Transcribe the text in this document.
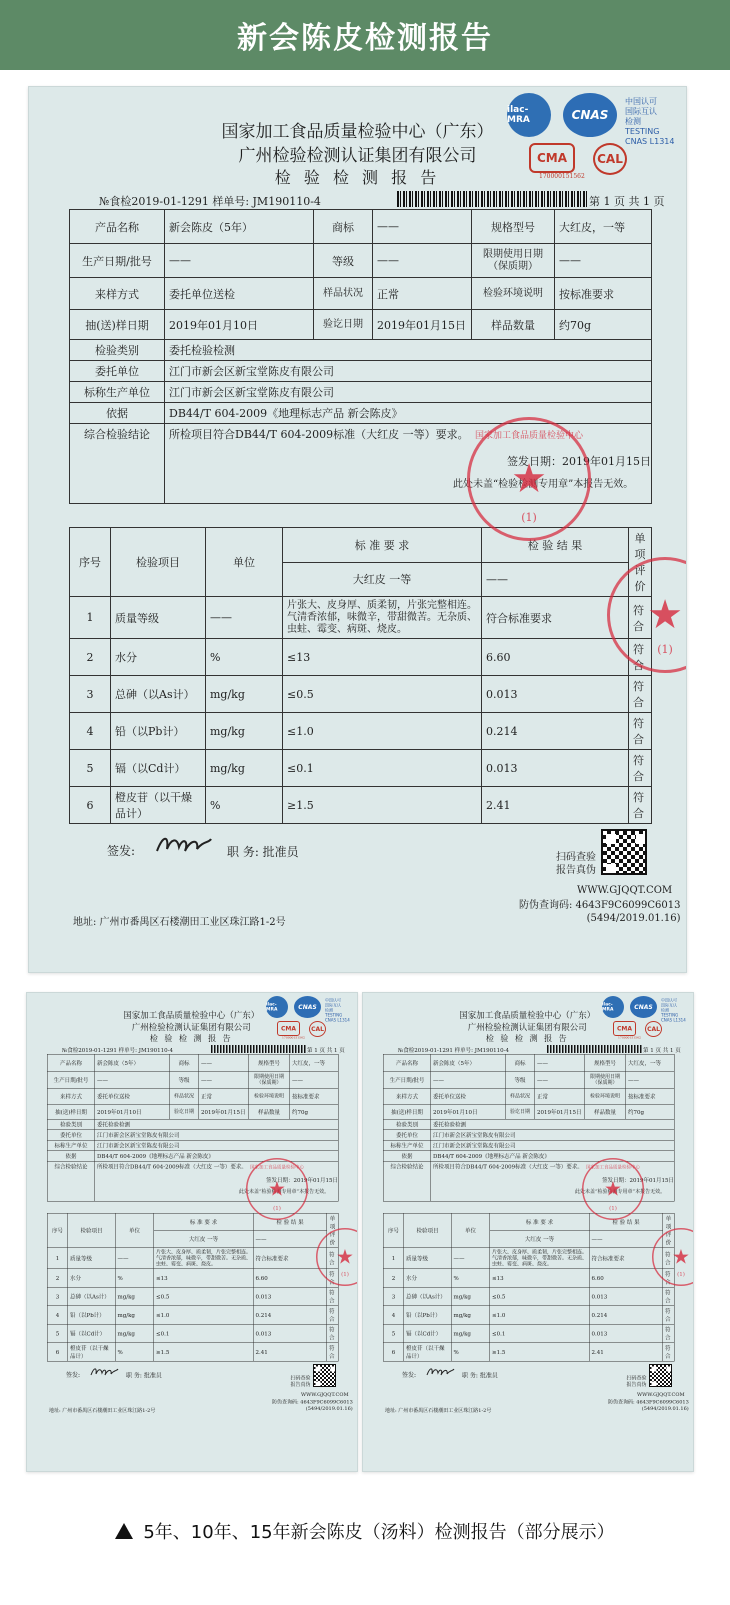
新会陈皮检测报告
国家加工食品质量检验中心（广东）
广州检验检测认证集团有限公司
检 验 检 测 报 告
ilac-MRA	CNAS
中国认可
国际互认
检测
TESTING
CNAS L1314
CMA	CAL
170000151562
№食检2019-01-1291 样单号: JM190110-4	第 1 页 共 1 页
产品名称	新会陈皮（5年）	商标	——	规格型号	大红皮，一等
生产日期/批号	——	等级	——	限期使用日期（保质期）	——
来样方式	委托单位送检	样品状况	正常	检验环境说明	按标准要求
抽(送)样日期	2019年01月10日	验讫日期	2019年01月15日	样品数量	约70g
检验类别	委托检验检测				
委托单位	江门市新会区新宝堂陈皮有限公司				
标称生产单位	江门市新会区新宝堂陈皮有限公司				
依据	DB44/T 604-2009《地理标志产品 新会陈皮》				
综合检验结论	所检项目符合DB44/T 604-2009标准（大红皮 一等）要求。				
签发日期：2019年01月15日
此处未盖“检验检测专用章”本报告无效。
序号	检验项目	单位	标 准 要 求	检 验 结 果	单项评价
			大红皮 一等	——	
1	质量等级	——	片张大、皮身厚、质柔韧，片张完整相连。气清香浓郁，味微辛，带甜微苦。无杂质、虫蛀、霉变、病斑、烧皮。	符合标准要求	符合
2	水分	%	≤13	6.60	符合
3	总砷（以As计）	mg/kg	≤0.5	0.013	符合
4	铅（以Pb计）	mg/kg	≤1.0	0.214	符合
5	镉（以Cd计）	mg/kg	≤0.1	0.013	符合
6	橙皮苷（以干燥品计）	%	≥1.5	2.41	符合
国家加工食品质量检验中心
★
(1)
★
(1)
签发:	职 务: 批准员	扫码查验
报告真伪
WWW.GJQQT.COM
防伪查询码: 4643F9C6099C6013
(5494/2019.01.16)
地址: 广州市番禺区石楼潮田工业区珠江路1-2号
国家加工食品质量检验中心（广东）
广州检验检测认证集团有限公司
检 验 检 测 报 告
ilac-MRA	CNAS
中国认可
国际互认
检测
TESTING
CNAS L1314
CMA	CAL
170000151562
№食检2019-01-1291 样单号: JM190110-4	第 1 页 共 1 页
产品名称	新会陈皮（5年）	商标	——	规格型号	大红皮，一等
生产日期/批号	——	等级	——	限期使用日期（保质期）	——
来样方式	委托单位送检	样品状况	正常	检验环境说明	按标准要求
抽(送)样日期	2019年01月10日	验讫日期	2019年01月15日	样品数量	约70g
检验类别	委托检验检测				
委托单位	江门市新会区新宝堂陈皮有限公司				
标称生产单位	江门市新会区新宝堂陈皮有限公司				
依据	DB44/T 604-2009《地理标志产品 新会陈皮》				
综合检验结论	所检项目符合DB44/T 604-2009标准（大红皮 一等）要求。				
签发日期：2019年01月15日
此处未盖“检验检测专用章”本报告无效。
序号	检验项目	单位	标 准 要 求	检 验 结 果	单项评价
			大红皮 一等	——	
1	质量等级	——	片张大、皮身厚、质柔韧，片张完整相连。气清香浓郁，味微辛，带甜微苦。无杂质、虫蛀、霉变、病斑、烧皮。	符合标准要求	符合
2	水分	%	≤13	6.60	符合
3	总砷（以As计）	mg/kg	≤0.5	0.013	符合
4	铅（以Pb计）	mg/kg	≤1.0	0.214	符合
5	镉（以Cd计）	mg/kg	≤0.1	0.013	符合
6	橙皮苷（以干燥品计）	%	≥1.5	2.41	符合
国家加工食品质量检验中心
★
(1)
★
(1)
签发:	职 务: 批准员	扫码查验
报告真伪
WWW.GJQQT.COM
防伪查询码: 4643F9C6099C6013
(5494/2019.01.16)
地址: 广州市番禺区石楼潮田工业区珠江路1-2号
国家加工食品质量检验中心（广东）
广州检验检测认证集团有限公司
检 验 检 测 报 告
ilac-MRA	CNAS
中国认可
国际互认
检测
TESTING
CNAS L1314
CMA	CAL
170000151562
№食检2019-01-1291 样单号: JM190110-4	第 1 页 共 1 页
产品名称	新会陈皮（5年）	商标	——	规格型号	大红皮，一等
生产日期/批号	——	等级	——	限期使用日期（保质期）	——
来样方式	委托单位送检	样品状况	正常	检验环境说明	按标准要求
抽(送)样日期	2019年01月10日	验讫日期	2019年01月15日	样品数量	约70g
检验类别	委托检验检测				
委托单位	江门市新会区新宝堂陈皮有限公司				
标称生产单位	江门市新会区新宝堂陈皮有限公司				
依据	DB44/T 604-2009《地理标志产品 新会陈皮》				
综合检验结论	所检项目符合DB44/T 604-2009标准（大红皮 一等）要求。				
签发日期：2019年01月15日
此处未盖“检验检测专用章”本报告无效。
序号	检验项目	单位	标 准 要 求	检 验 结 果	单项评价
			大红皮 一等	——	
1	质量等级	——	片张大、皮身厚、质柔韧，片张完整相连。气清香浓郁，味微辛，带甜微苦。无杂质、虫蛀、霉变、病斑、烧皮。	符合标准要求	符合
2	水分	%	≤13	6.60	符合
3	总砷（以As计）	mg/kg	≤0.5	0.013	符合
4	铅（以Pb计）	mg/kg	≤1.0	0.214	符合
5	镉（以Cd计）	mg/kg	≤0.1	0.013	符合
6	橙皮苷（以干燥品计）	%	≥1.5	2.41	符合
国家加工食品质量检验中心
★
(1)
★
(1)
签发:	职 务: 批准员	扫码查验
报告真伪
WWW.GJQQT.COM
防伪查询码: 4643F9C6099C6013
(5494/2019.01.16)
地址: 广州市番禺区石楼潮田工业区珠江路1-2号
5年、10年、15年新会陈皮（汤料）检测报告（部分展示）
